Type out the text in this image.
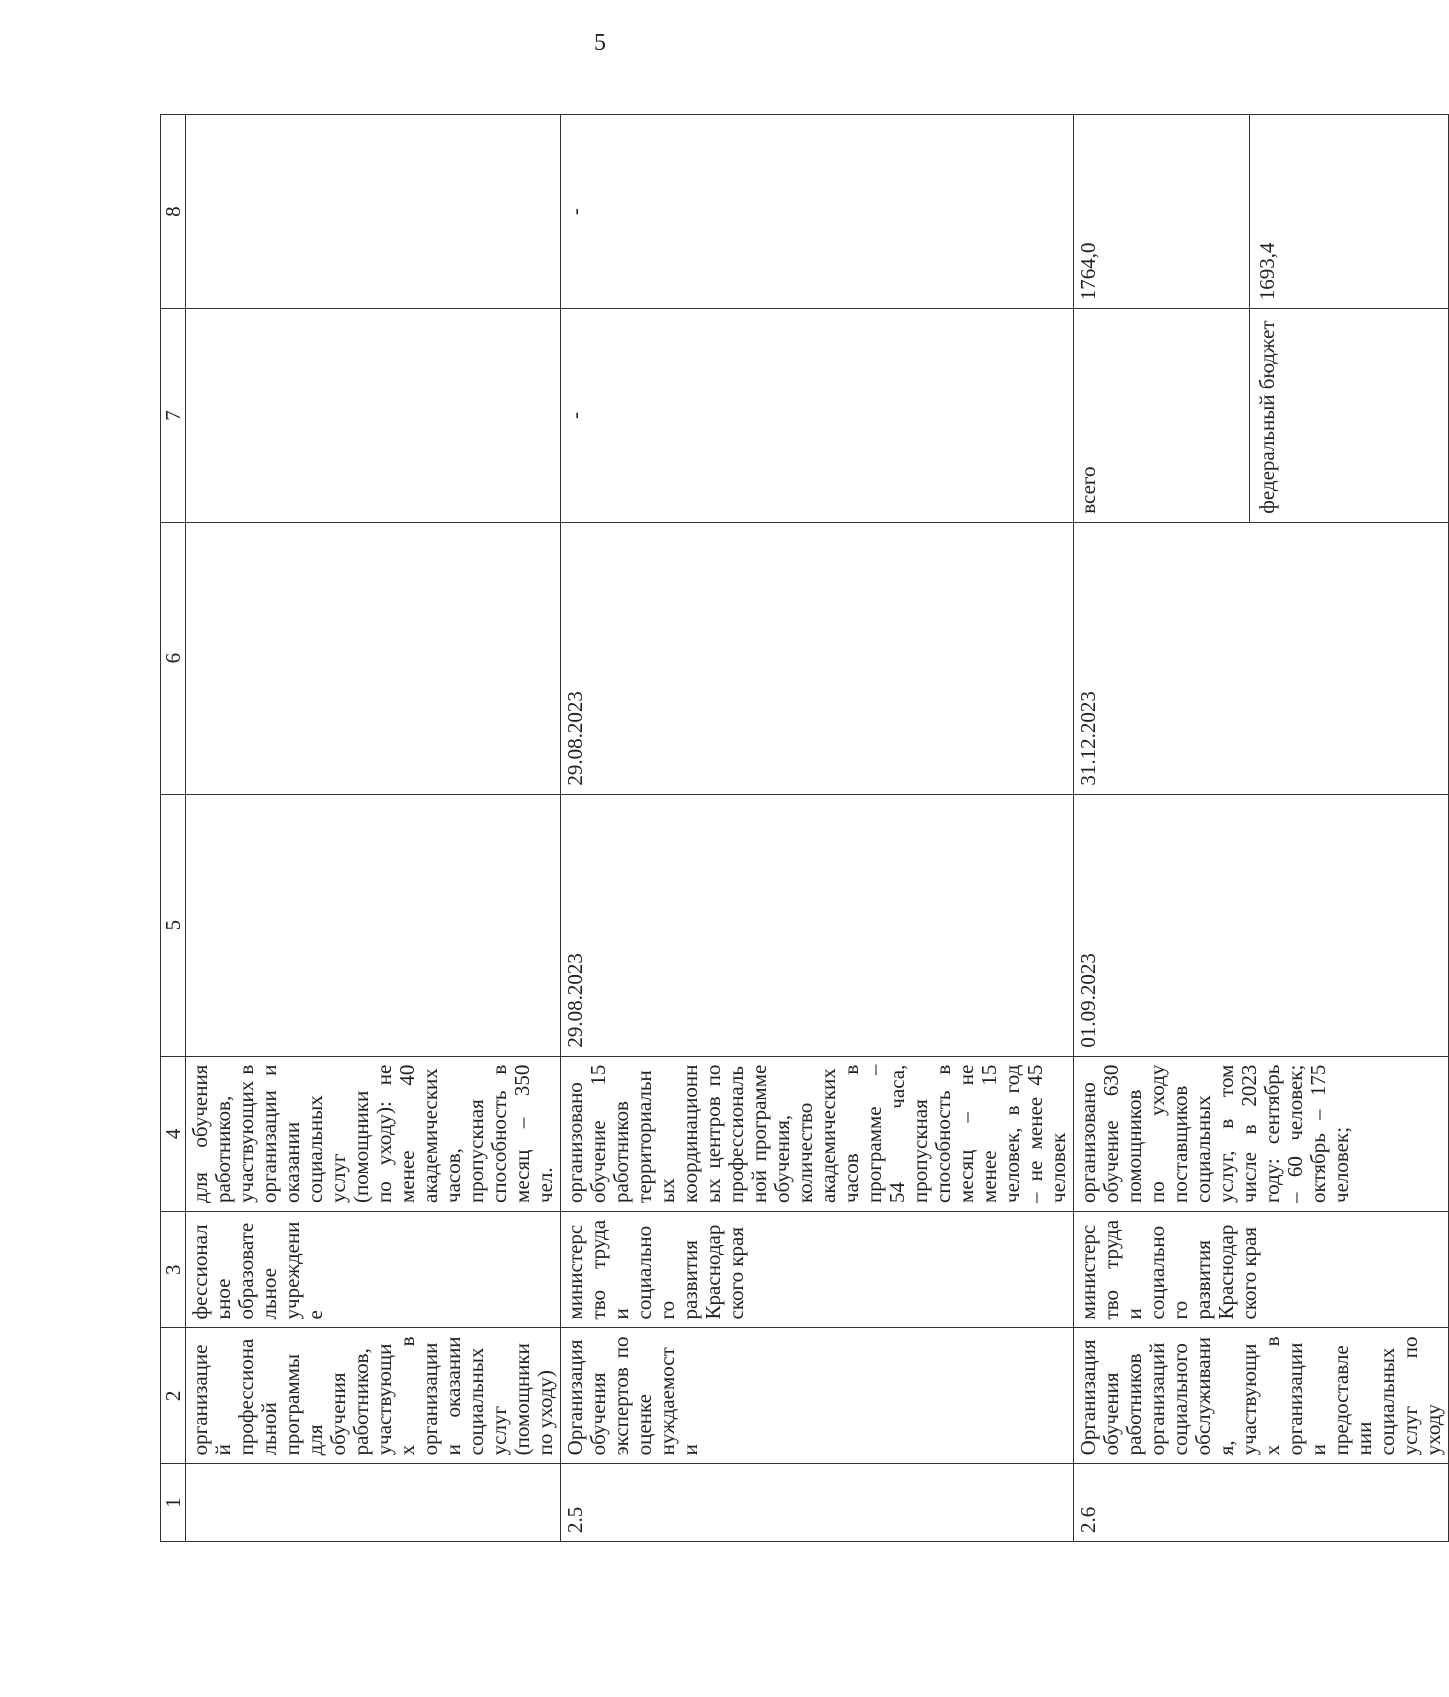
5
1	2	3	4	5	6	7	8
	организацией профессиональной программы для обучения работников, участвующих в организации и оказании социальных услуг (помощники по уходу)	фессиональное образовательное учреждение	для обучения работников, участвующих в организации и оказании социальных услуг (помощники по уходу): не менее 40 академических часов, пропускная способность в месяц – 350 чел.				
2.5	Организация обучения экспертов по оценке нуждаемости	министерство труда и социального развития Краснодарского края	организовано обучение 15 работников территориальных координационных центров по профессиональной программе обучения, количество академических часов в программе – 54 часа, пропускная способность в месяц – не менее 15 человек, в год – не менее 45 человек	29.08.2023	29.08.2023	-	-
2.6	Организация обучения работников организаций социального обслуживания, участвующих в организации и предоставлении социальных услуг по уходу	министерство труда и социального развития Краснодарского края	организовано обучение 630 помощников по уходу поставщиков социальных услуг, в том числе в 2023 году: сентябрь – 60 человек; октябрь – 175 человек;	01.09.2023	31.12.2023	всего	1764,0
						федеральный бюджет	1693,4
